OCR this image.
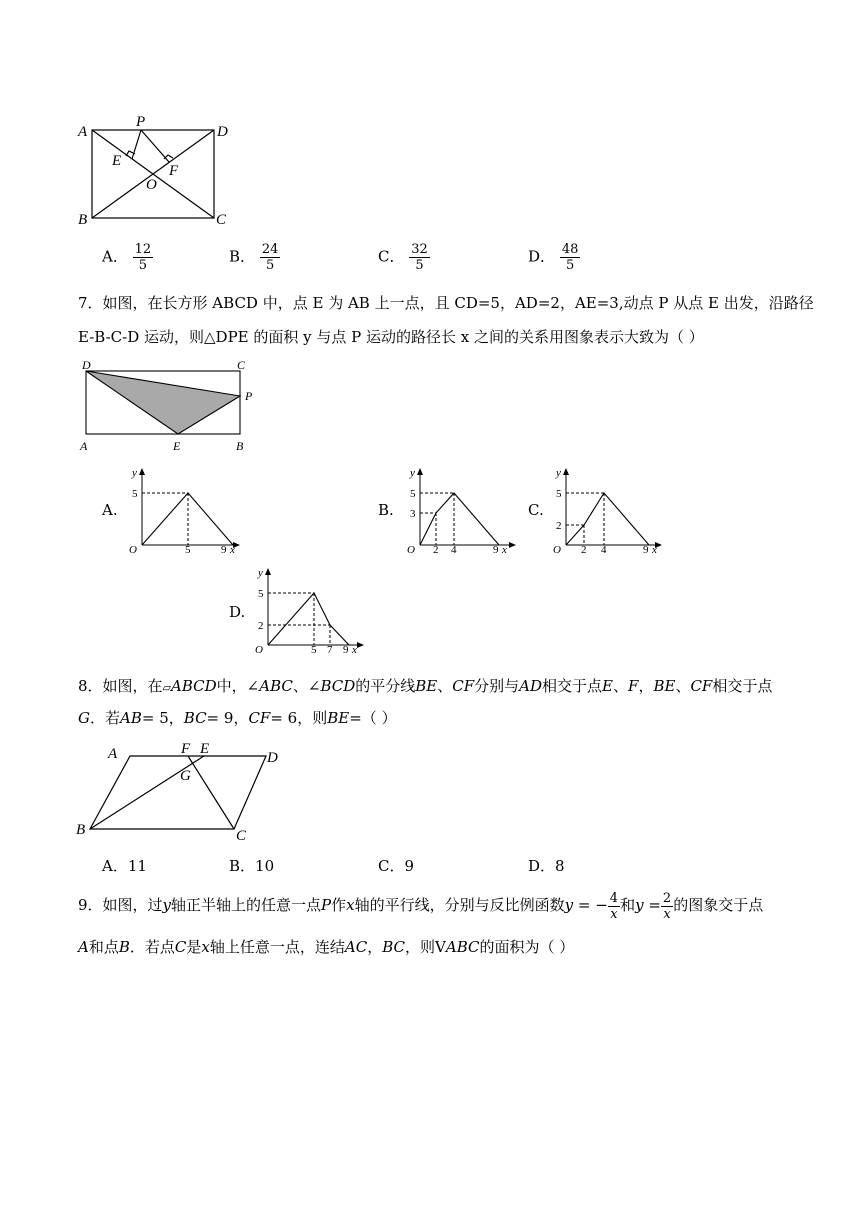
A
P
D
E
F
O
B	C
A． $\frac{12}{5}$	B． $\frac{24}{5}$	C． $\frac{32}{5}$	D． $\frac{48}{5}$
7．如图，在长方形 ABCD 中，点 E 为 AB 上一点，且 CD=5，AD=2，AE=3,动点 P 从点 E 出发，沿路径
E-B-C-D 运动，则△DPE 的面积 y 与点 P 运动的路径长 x 之间的关系用图象表示大致为（ ）
D	C
P
A	E	B
A.
y
5
O	5	9 x
B.
y
5
3
O 2 4	9 x
C.
y
5
2
O 2 4	9 x
D.
y
5
2
O	5 7 9 x
8．如图，在▱ABCD中，∠ABC、∠BCD的平分线BE、CF分别与AD相交于点E、F，BE、CF相交于点
G．若AB= 5，BC= 9，CF= 6，则BE=（ ）
A	F E
D
G
B	C
A．11	B．10	C．9	D．8
9．如图，过y轴正半轴上的任意一点P作x轴的平行线，分别与反比例函数y = − $\frac{4}{x}$ 和$y = \frac{2}{x}$ 的图象交于点
A和点B．若点C是x轴上任意一点，连结AC，BC，则VABC的面积为（ ）
